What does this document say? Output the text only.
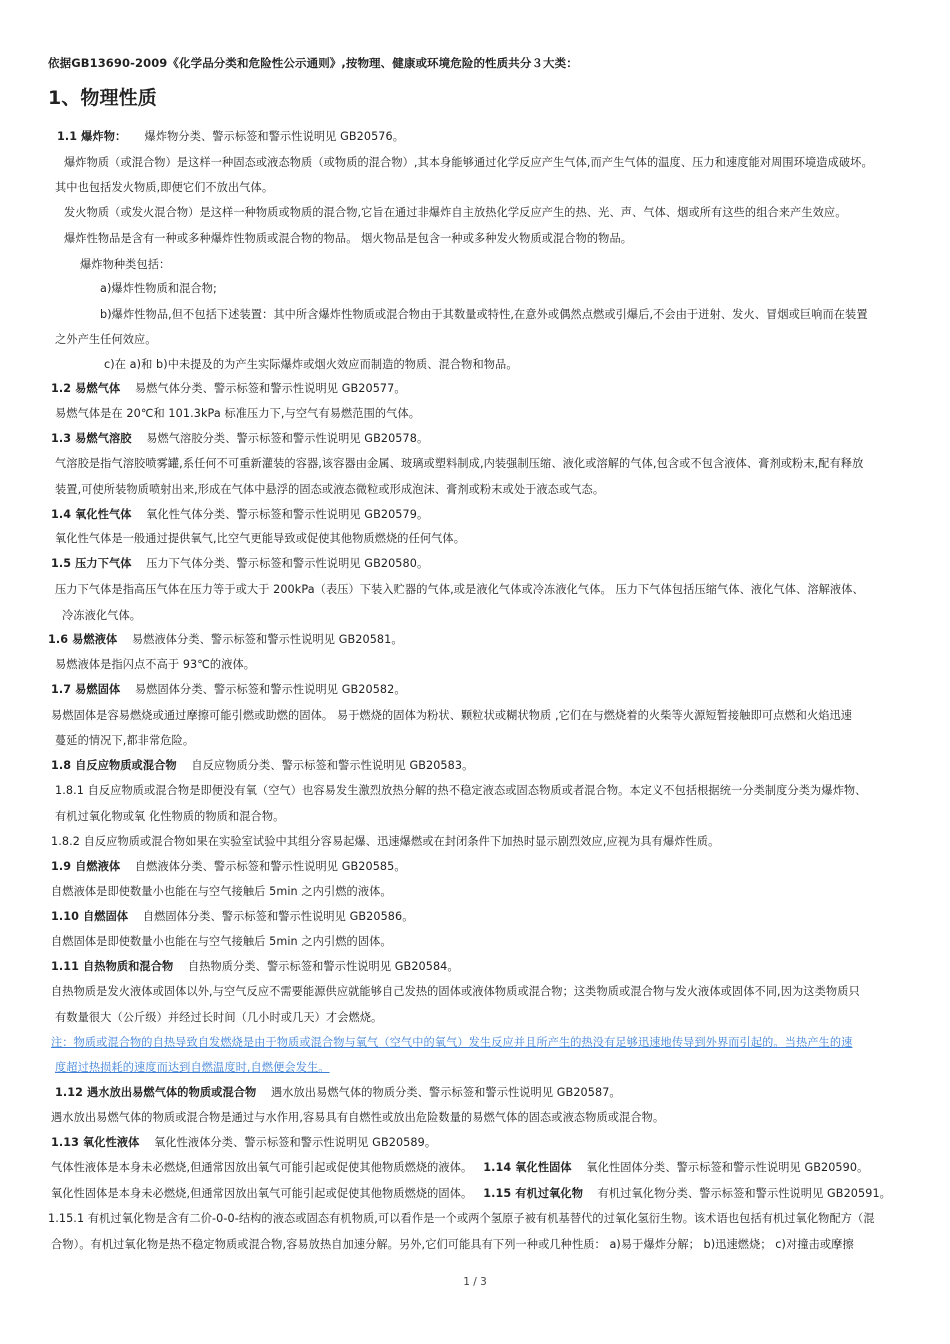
依据GB13690-2009《化学品分类和危险性公示通则》,按物理、健康或环境危险的性质共分３大类：
1、物理性质
1.1 爆炸物： 爆炸物分类、警示标签和警示性说明见 GB20576。
爆炸物质（或混合物）是这样一种固态或液态物质（或物质的混合物）,其本身能够通过化学反应产生气体,而产生气体的温度、压力和速度能对周围环境造成破坏。
其中也包括发火物质,即便它们不放出气体。
发火物质（或发火混合物）是这样一种物质或物质的混合物,它旨在通过非爆炸自主放热化学反应产生的热、光、声、气体、烟或所有这些的组合来产生效应。
爆炸性物品是含有一种或多种爆炸性物质或混合物的物品。 烟火物品是包含一种或多种发火物质或混合物的物品。
爆炸物种类包括：
a)爆炸性物质和混合物;
b)爆炸性物品,但不包括下述装置：其中所含爆炸性物质或混合物由于其数量或特性,在意外或偶然点燃或引爆后,不会由于迸射、发火、冒烟或巨响而在装置
之外产生任何效应。
c)在 a)和 b)中未提及的为产生实际爆炸或烟火效应而制造的物质、混合物和物品。
1.2 易燃气体 易燃气体分类、警示标签和警示性说明见 GB20577。
易燃气体是在 20℃和 101.3kPa 标准压力下,与空气有易燃范围的气体。
1.3 易燃气溶胶 易燃气溶胶分类、警示标签和警示性说明见 GB20578。
气溶胶是指气溶胶喷雾罐,系任何不可重新灌装的容器,该容器由金属、玻璃或塑料制成,内装强制压缩、液化或溶解的气体,包含或不包含液体、膏剂或粉末,配有释放
装置,可使所装物质喷射出来,形成在气体中悬浮的固态或液态微粒或形成泡沫、膏剂或粉末或处于液态或气态。
1.4 氧化性气体 氧化性气体分类、警示标签和警示性说明见 GB20579。
氧化性气体是一般通过提供氧气,比空气更能导致或促使其他物质燃烧的任何气体。
1.5 压力下气体 压力下气体分类、警示标签和警示性说明见 GB20580。
压力下气体是指高压气体在压力等于或大于 200kPa（表压）下装入贮器的气体,或是液化气体或冷冻液化气体。 压力下气体包括压缩气体、液化气体、溶解液体、
冷冻液化气体。
1.6 易燃液体 易燃液体分类、警示标签和警示性说明见 GB20581。
易燃液体是指闪点不高于 93℃的液体。
1.7 易燃固体 易燃固体分类、警示标签和警示性说明见 GB20582。
易燃固体是容易燃烧或通过摩擦可能引燃或助燃的固体。 易于燃烧的固体为粉状、颗粒状或糊状物质 ,它们在与燃烧着的火柴等火源短暂接触即可点燃和火焰迅速
蔓延的情况下,都非常危险。
1.8 自反应物质或混合物 自反应物质分类、警示标签和警示性说明见 GB20583。
1.8.1 自反应物质或混合物是即便没有氧（空气）也容易发生激烈放热分解的热不稳定液态或固态物质或者混合物。本定义不包括根据统一分类制度分类为爆炸物、
有机过氧化物或氧 化性物质的物质和混合物。
1.8.2 自反应物质或混合物如果在实验室试验中其组分容易起爆、迅速爆燃或在封闭条件下加热时显示剧烈效应,应视为具有爆炸性质。
1.9 自燃液体 自燃液体分类、警示标签和警示性说明见 GB20585。
自燃液体是即使数量小也能在与空气接触后 5min 之内引燃的液体。
1.10 自燃固体 自燃固体分类、警示标签和警示性说明见 GB20586。
自燃固体是即使数量小也能在与空气接触后 5min 之内引燃的固体。
1.11 自热物质和混合物 自热物质分类、警示标签和警示性说明见 GB20584。
自热物质是发火液体或固体以外,与空气反应不需要能源供应就能够自己发热的固体或液体物质或混合物；这类物质或混合物与发火液体或固体不同,因为这类物质只
有数量很大（公斤级）并经过长时间（几小时或几天）才会燃烧。
注：物质或混合物的自热导致自发燃烧是由于物质或混合物与氧气（空气中的氧气）发生反应并且所产生的热没有足够迅速地传导到外界而引起的。当热产生的速
度超过热损耗的速度而达到自燃温度时,自燃便会发生。
1.12 遇水放出易燃气体的物质或混合物 遇水放出易燃气体的物质分类、警示标签和警示性说明见 GB20587。
遇水放出易燃气体的物质或混合物是通过与水作用,容易具有自燃性或放出危险数量的易燃气体的固态或液态物质或混合物。
1.13 氧化性液体 氧化性液体分类、警示标签和警示性说明见 GB20589。
气体性液体是本身未必燃烧,但通常因放出氧气可能引起或促使其他物质燃烧的液体。 1.14 氧化性固体 氧化性固体分类、警示标签和警示性说明见 GB20590。
氧化性固体是本身未必燃烧,但通常因放出氧气可能引起或促使其他物质燃烧的固体。 1.15 有机过氧化物 有机过氧化物分类、警示标签和警示性说明见 GB20591。
1.15.1 有机过氧化物是含有二价-0-0-结构的液态或固态有机物质,可以看作是一个或两个氢原子被有机基替代的过氧化氢衍生物。该术语也包括有机过氧化物配方（混
合物）。有机过氧化物是热不稳定物质或混合物,容易放热自加速分解。另外,它们可能具有下列一种或几种性质： a)易于爆炸分解； b)迅速燃烧； c)对撞击或摩擦
1 / 3
